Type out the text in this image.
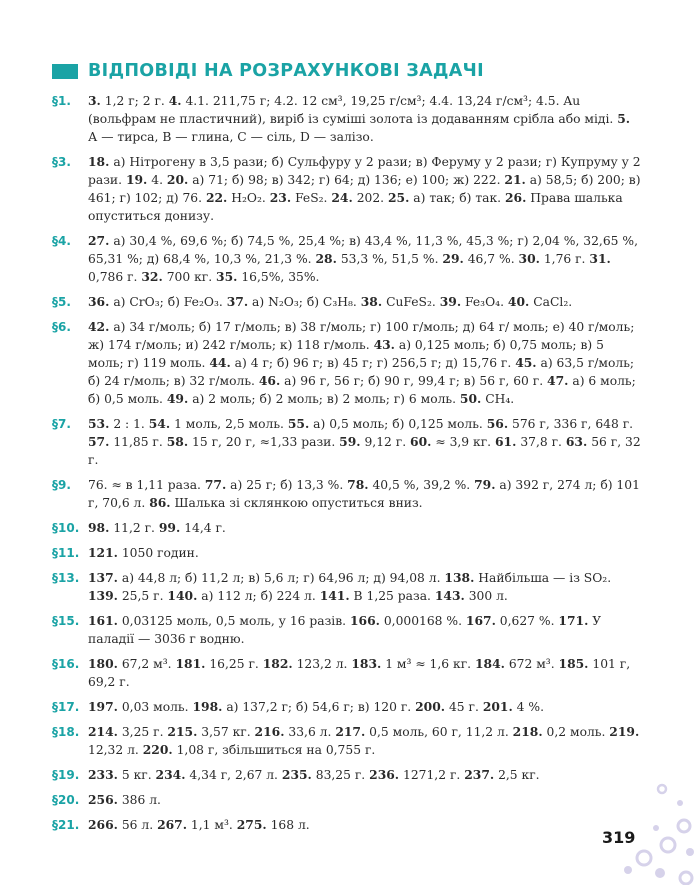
ВІДПОВІДІ НА РОЗРАХУНКОВІ ЗАДАЧІ
§1.	3. 1,2 г; 2 г. 4. 4.1. 211,75 г; 4.2. 12 см³, 19,25 г/см³; 4.4. 13,24 г/см³; 4.5. Au (вольфрам не пластичний), виріб із суміші золота із додаванням срібла або міді. 5. А — тирса, В — глина, С — сіль, D — залізо.
§3.	18. а) Нітрогену в 3,5 рази; б) Сульфуру у 2 рази; в) Феруму у 2 рази; г) Купруму у 2 рази. 19. 4. 20. а) 71; б) 98; в) 342; г) 64; д) 136; е) 100; ж) 222. 21. а) 58,5; б) 200; в) 461; г) 102; д) 76. 22. H₂O₂. 23. FeS₂. 24. 202. 25. а) так; б) так. 26. Права шалька опуститься донизу.
§4.	27. а) 30,4 %, 69,6 %; б) 74,5 %, 25,4 %; в) 43,4 %, 11,3 %, 45,3 %; г) 2,04 %, 32,65 %, 65,31 %; д) 68,4 %, 10,3 %, 21,3 %. 28. 53,3 %, 51,5 %. 29. 46,7 %. 30. 1,76 г. 31. 0,786 г. 32. 700 кг. 35. 16,5%, 35%.
§5.	36. а) CrO₃; б) Fe₂O₃. 37. а) N₂O₃; б) C₃H₈. 38. CuFeS₂. 39. Fe₃O₄. 40. CaCl₂.
§6.	42. а) 34 г/моль; б) 17 г/моль; в) 38 г/моль; г) 100 г/моль; д) 64 г/ моль; е) 40 г/моль; ж) 174 г/моль; и) 242 г/моль; к) 118 г/моль. 43. а) 0,125 моль; б) 0,75 моль; в) 5 моль; г) 119 моль. 44. а) 4 г; б) 96 г; в) 45 г; г) 256,5 г; д) 15,76 г. 45. а) 63,5 г/моль; б) 24 г/моль; в) 32 г/моль. 46. а) 96 г, 56 г; б) 90 г, 99,4 г; в) 56 г, 60 г. 47. а) 6 моль; б) 0,5 моль. 49. а) 2 моль; б) 2 моль; в) 2 моль; г) 6 моль. 50. CH₄.
§7.	53. 2 : 1. 54. 1 моль, 2,5 моль. 55. а) 0,5 моль; б) 0,125 моль. 56. 576 г, 336 г, 648 г. 57. 11,85 г. 58. 15 г, 20 г, ≈1,33 рази. 59. 9,12 г. 60. ≈ 3,9 кг. 61. 37,8 г. 63. 56 г, 32 г.
§9.	76. ≈ в 1,11 раза. 77. а) 25 г; б) 13,3 %. 78. 40,5 %, 39,2 %. 79. а) 392 г, 274 л; б) 101 г, 70,6 л. 86. Шалька зі склянкою опуститься вниз.
§10. 98. 11,2 г. 99. 14,4 г.
§11. 121. 1050 годин.
§13. 137. а) 44,8 л; б) 11,2 л; в) 5,6 л; г) 64,96 л; д) 94,08 л. 138. Найбільша — із SO₂. 139. 25,5 г. 140. а) 112 л; б) 224 л. 141. В 1,25 раза. 143. 300 л.
§15. 161. 0,03125 моль, 0,5 моль, у 16 разів. 166. 0,000168 %. 167. 0,627 %. 171. У паладії — 3036 г водню.
§16. 180. 67,2 м³. 181. 16,25 г. 182. 123,2 л. 183. 1 м³ ≈ 1,6 кг. 184. 672 м³. 185. 101 г, 69,2 г.
§17. 197. 0,03 моль. 198. а) 137,2 г; б) 54,6 г; в) 120 г. 200. 45 г. 201. 4 %.
§18. 214. 3,25 г. 215. 3,57 кг. 216. 33,6 л. 217. 0,5 моль, 60 г, 11,2 л. 218. 0,2 моль. 219. 12,32 л. 220. 1,08 г, збільшиться на 0,755 г.
§19. 233. 5 кг. 234. 4,34 г, 2,67 л. 235. 83,25 г. 236. 1271,2 г. 237. 2,5 кг.
§20. 256. 386 л.
§21. 266. 56 л. 267. 1,1 м³. 275. 168 л.
319
